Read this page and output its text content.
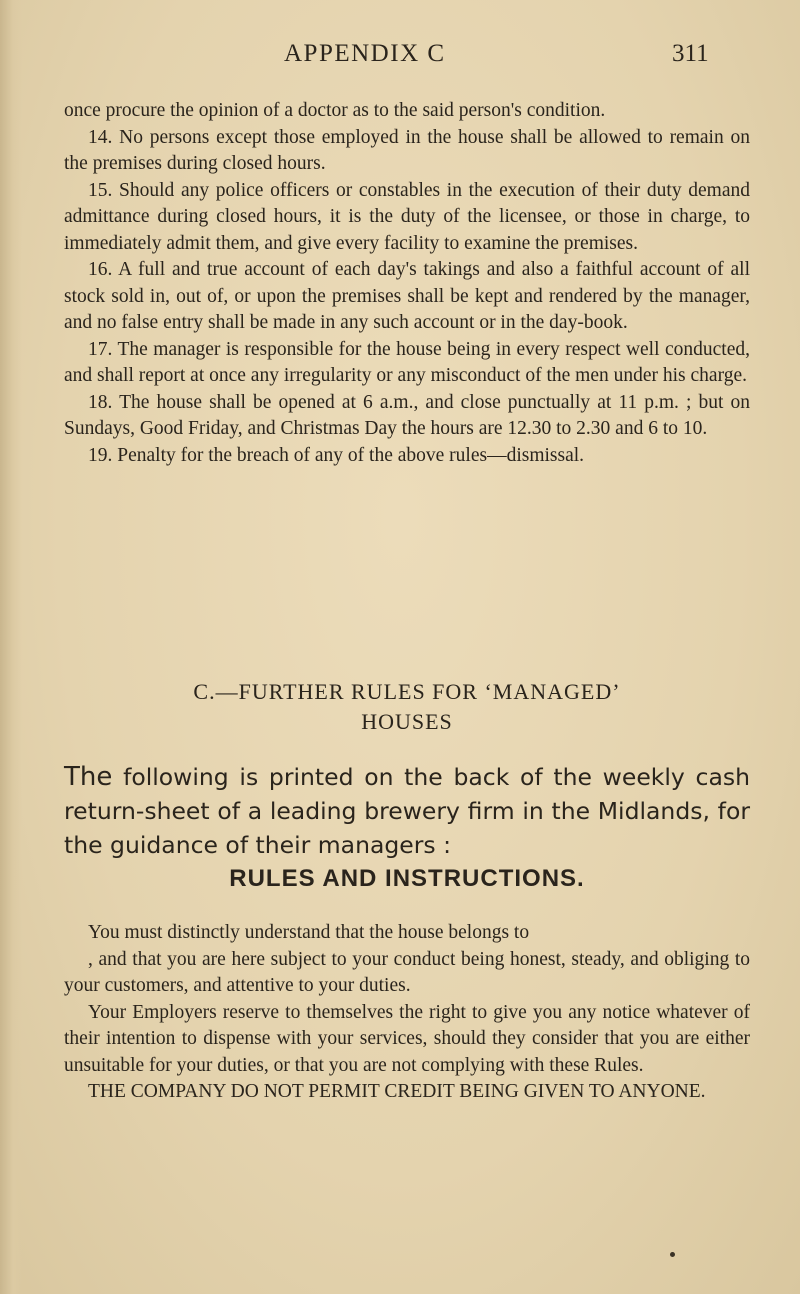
APPENDIX C	311

once procure the opinion of a doctor as to the said person's condition.

14. No persons except those employed in the house shall be allowed to remain on the premises during closed hours.

15. Should any police officers or constables in the execution of their duty demand admittance during closed hours, it is the duty of the licensee, or those in charge, to immediately admit them, and give every facility to examine the premises.

16. A full and true account of each day's takings and also a faithful account of all stock sold in, out of, or upon the premises shall be kept and rendered by the manager, and no false entry shall be made in any such account or in the day-book.

17. The manager is responsible for the house being in every respect well conducted, and shall report at once any irregularity or any misconduct of the men under his charge.

18. The house shall be opened at 6 a.m., and close punctually at 11 p.m. ; but on Sundays, Good Friday, and Christmas Day the hours are 12.30 to 2.30 and 6 to 10.

19. Penalty for the breach of any of the above rules—dismissal.

C.—FURTHER RULES FOR ‘MANAGED’
HOUSES
The following is printed on the back of the weekly cash return-sheet of a leading brewery firm in the Midlands, for the guidance of their managers :
RULES AND INSTRUCTIONS.

You must distinctly understand that the house belongs to

, and that you are here subject to your conduct being honest, steady, and obliging to your customers, and attentive to your duties.

Your Employers reserve to themselves the right to give you any notice whatever of their intention to dispense with your services, should they consider that you are either unsuitable for your duties, or that you are not complying with these Rules.

THE COMPANY DO NOT PERMIT CREDIT BEING GIVEN TO ANYONE.
